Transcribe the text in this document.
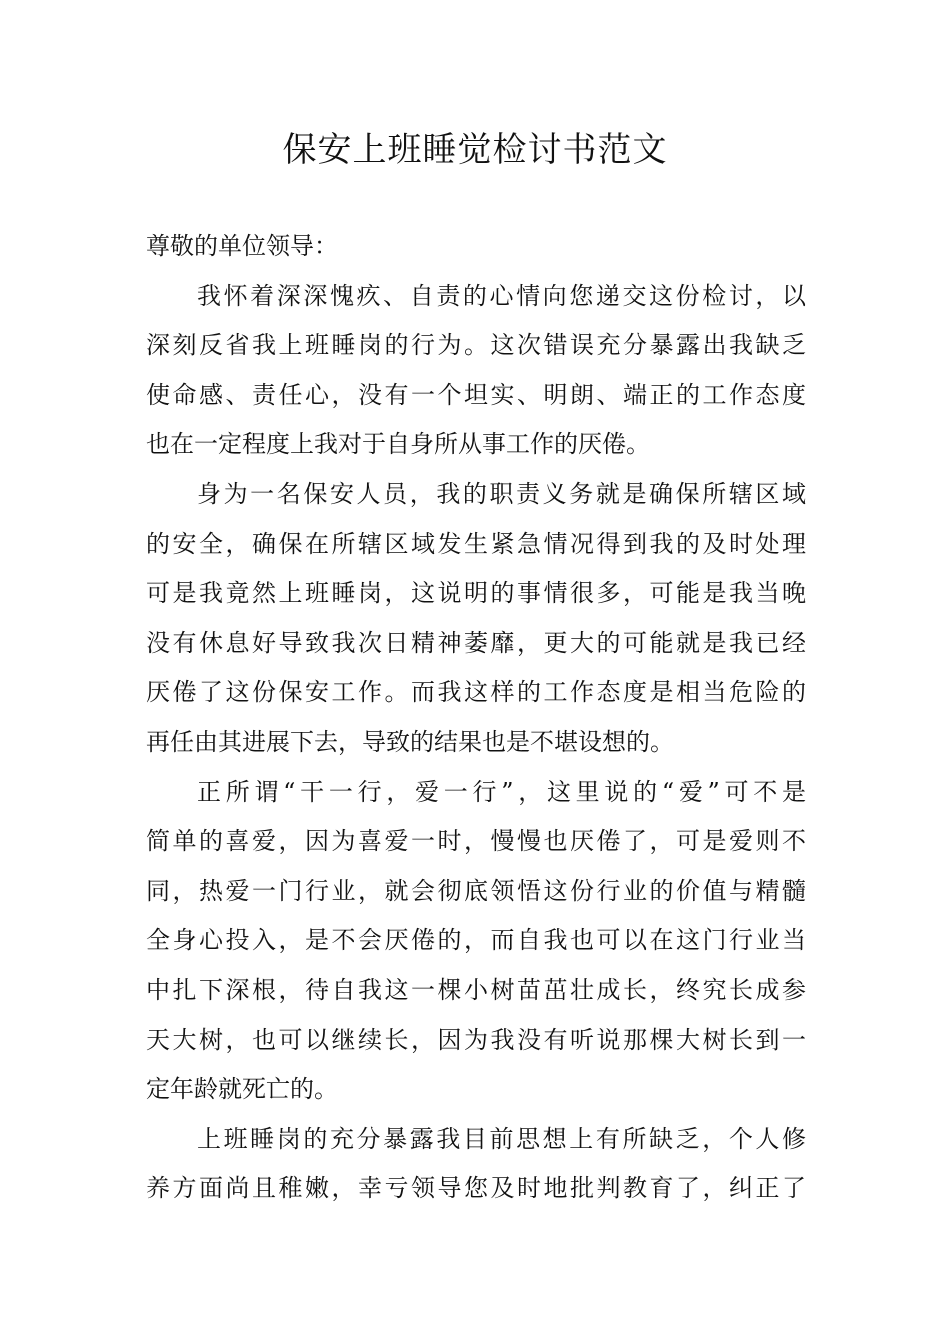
保安上班睡觉检讨书范文
尊敬的单位领导：
我怀着深深愧疚、自责的心情向您递交这份检讨，以
深刻反省我上班睡岗的行为。这次错误充分暴露出我缺乏
使命感、责任心，没有一个坦实、明朗、端正的工作态度
也在一定程度上我对于自身所从事工作的厌倦。
身为一名保安人员，我的职责义务就是确保所辖区域
的安全，确保在所辖区域发生紧急情况得到我的及时处理
可是我竟然上班睡岗，这说明的事情很多，可能是我当晚
没有休息好导致我次日精神萎靡，更大的可能就是我已经
厌倦了这份保安工作。而我这样的工作态度是相当危险的
再任由其进展下去，导致的结果也是不堪设想的。
正所谓“干一行，爱一行”，这里说的“爱”可不是
简单的喜爱，因为喜爱一时，慢慢也厌倦了，可是爱则不
同，热爱一门行业，就会彻底领悟这份行业的价值与精髓
全身心投入，是不会厌倦的，而自我也可以在这门行业当
中扎下深根，待自我这一棵小树苗茁壮成长，终究长成参
天大树，也可以继续长，因为我没有听说那棵大树长到一
定年龄就死亡的。
上班睡岗的充分暴露我目前思想上有所缺乏，个人修
养方面尚且稚嫩，幸亏领导您及时地批判教育了，纠正了
